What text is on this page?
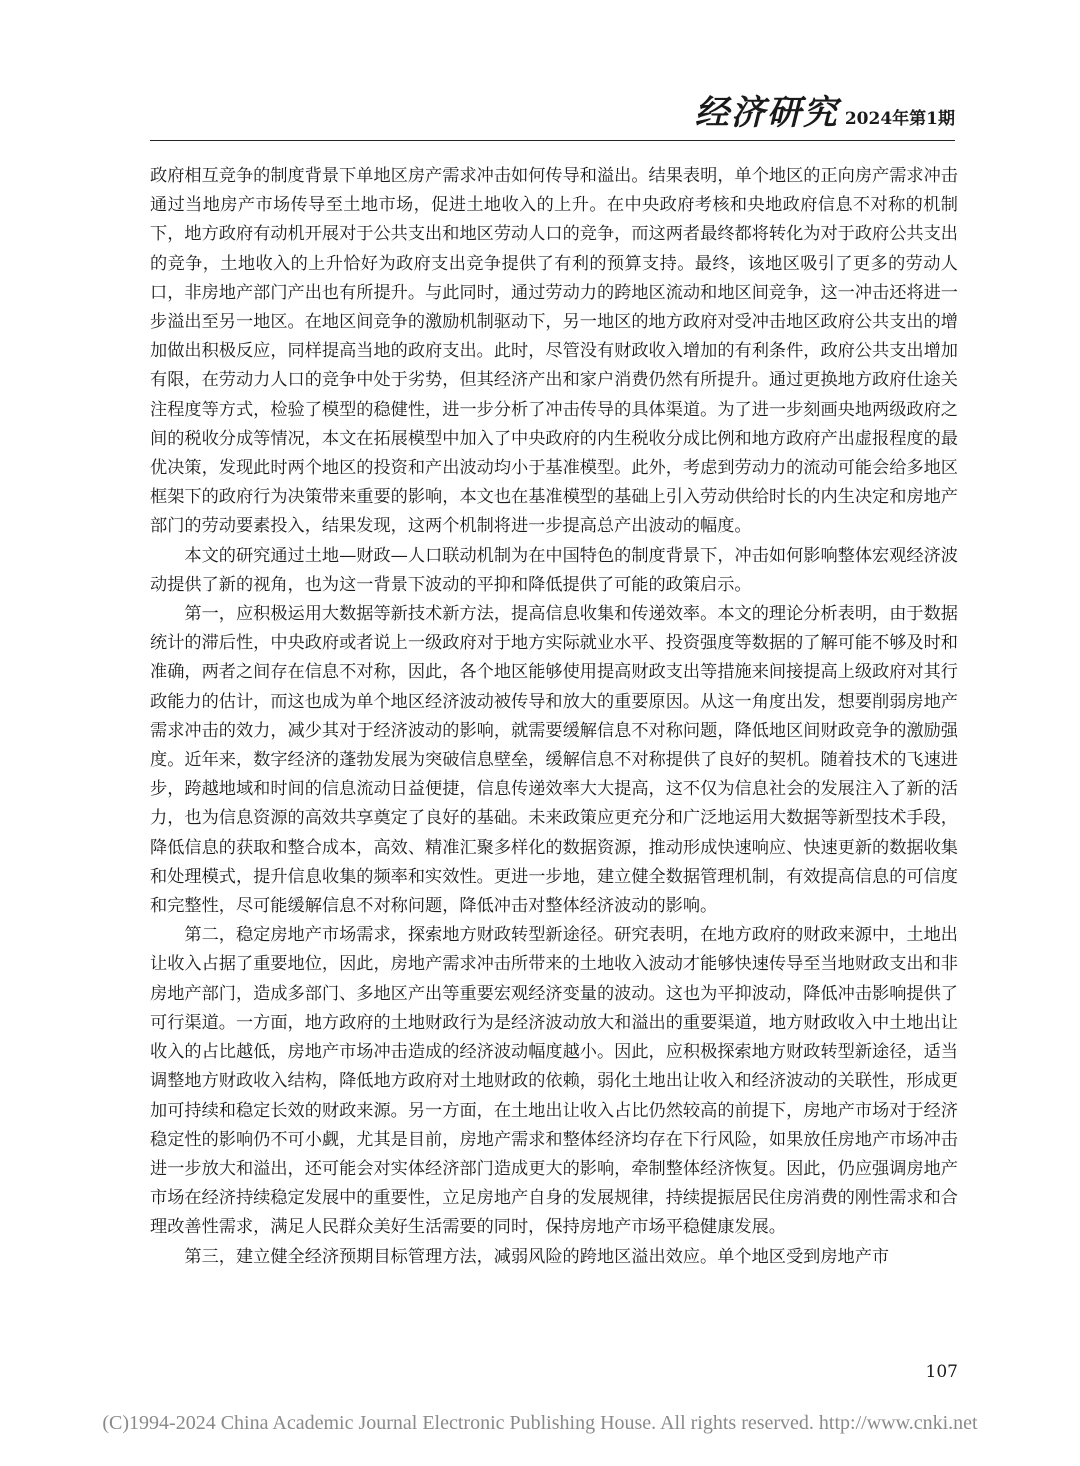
经济研究 2024年第1期

政府相互竞争的制度背景下单地区房产需求冲击如何传导和溢出。结果表明，单个地区的正向房产需求冲击通过当地房产市场传导至土地市场，促进土地收入的上升。在中央政府考核和央地政府信息不对称的机制下，地方政府有动机开展对于公共支出和地区劳动人口的竞争，而这两者最终都将转化为对于政府公共支出的竞争，土地收入的上升恰好为政府支出竞争提供了有利的预算支持。最终，该地区吸引了更多的劳动人口，非房地产部门产出也有所提升。与此同时，通过劳动力的跨地区流动和地区间竞争，这一冲击还将进一步溢出至另一地区。在地区间竞争的激励机制驱动下，另一地区的地方政府对受冲击地区政府公共支出的增加做出积极反应，同样提高当地的政府支出。此时，尽管没有财政收入增加的有利条件，政府公共支出增加有限，在劳动力人口的竞争中处于劣势，但其经济产出和家户消费仍然有所提升。通过更换地方政府仕途关注程度等方式，检验了模型的稳健性，进一步分析了冲击传导的具体渠道。为了进一步刻画央地两级政府之间的税收分成等情况，本文在拓展模型中加入了中央政府的内生税收分成比例和地方政府产出虚报程度的最优决策，发现此时两个地区的投资和产出波动均小于基准模型。此外，考虑到劳动力的流动可能会给多地区框架下的政府行为决策带来重要的影响，本文也在基准模型的基础上引入劳动供给时长的内生决定和房地产部门的劳动要素投入，结果发现，这两个机制将进一步提高总产出波动的幅度。

本文的研究通过土地—财政—人口联动机制为在中国特色的制度背景下，冲击如何影响整体宏观经济波动提供了新的视角，也为这一背景下波动的平抑和降低提供了可能的政策启示。

第一，应积极运用大数据等新技术新方法，提高信息收集和传递效率。本文的理论分析表明，由于数据统计的滞后性，中央政府或者说上一级政府对于地方实际就业水平、投资强度等数据的了解可能不够及时和准确，两者之间存在信息不对称，因此，各个地区能够使用提高财政支出等措施来间接提高上级政府对其行政能力的估计，而这也成为单个地区经济波动被传导和放大的重要原因。从这一角度出发，想要削弱房地产需求冲击的效力，减少其对于经济波动的影响，就需要缓解信息不对称问题，降低地区间财政竞争的激励强度。近年来，数字经济的蓬勃发展为突破信息壁垒，缓解信息不对称提供了良好的契机。随着技术的飞速进步，跨越地域和时间的信息流动日益便捷，信息传递效率大大提高，这不仅为信息社会的发展注入了新的活力，也为信息资源的高效共享奠定了良好的基础。未来政策应更充分和广泛地运用大数据等新型技术手段，降低信息的获取和整合成本，高效、精准汇聚多样化的数据资源，推动形成快速响应、快速更新的数据收集和处理模式，提升信息收集的频率和实效性。更进一步地，建立健全数据管理机制，有效提高信息的可信度和完整性，尽可能缓解信息不对称问题，降低冲击对整体经济波动的影响。

第二，稳定房地产市场需求，探索地方财政转型新途径。研究表明，在地方政府的财政来源中，土地出让收入占据了重要地位，因此，房地产需求冲击所带来的土地收入波动才能够快速传导至当地财政支出和非房地产部门，造成多部门、多地区产出等重要宏观经济变量的波动。这也为平抑波动，降低冲击影响提供了可行渠道。一方面，地方政府的土地财政行为是经济波动放大和溢出的重要渠道，地方财政收入中土地出让收入的占比越低，房地产市场冲击造成的经济波动幅度越小。因此，应积极探索地方财政转型新途径，适当调整地方财政收入结构，降低地方政府对土地财政的依赖，弱化土地出让收入和经济波动的关联性，形成更加可持续和稳定长效的财政来源。另一方面，在土地出让收入占比仍然较高的前提下，房地产市场对于经济稳定性的影响仍不可小觑，尤其是目前，房地产需求和整体经济均存在下行风险，如果放任房地产市场冲击进一步放大和溢出，还可能会对实体经济部门造成更大的影响，牵制整体经济恢复。因此，仍应强调房地产市场在经济持续稳定发展中的重要性，立足房地产自身的发展规律，持续提振居民住房消费的刚性需求和合理改善性需求，满足人民群众美好生活需要的同时，保持房地产市场平稳健康发展。

第三，建立健全经济预期目标管理方法，减弱风险的跨地区溢出效应。单个地区受到房地产市

107
(C)1994-2024 China Academic Journal Electronic Publishing House. All rights reserved. http://www.cnki.net
